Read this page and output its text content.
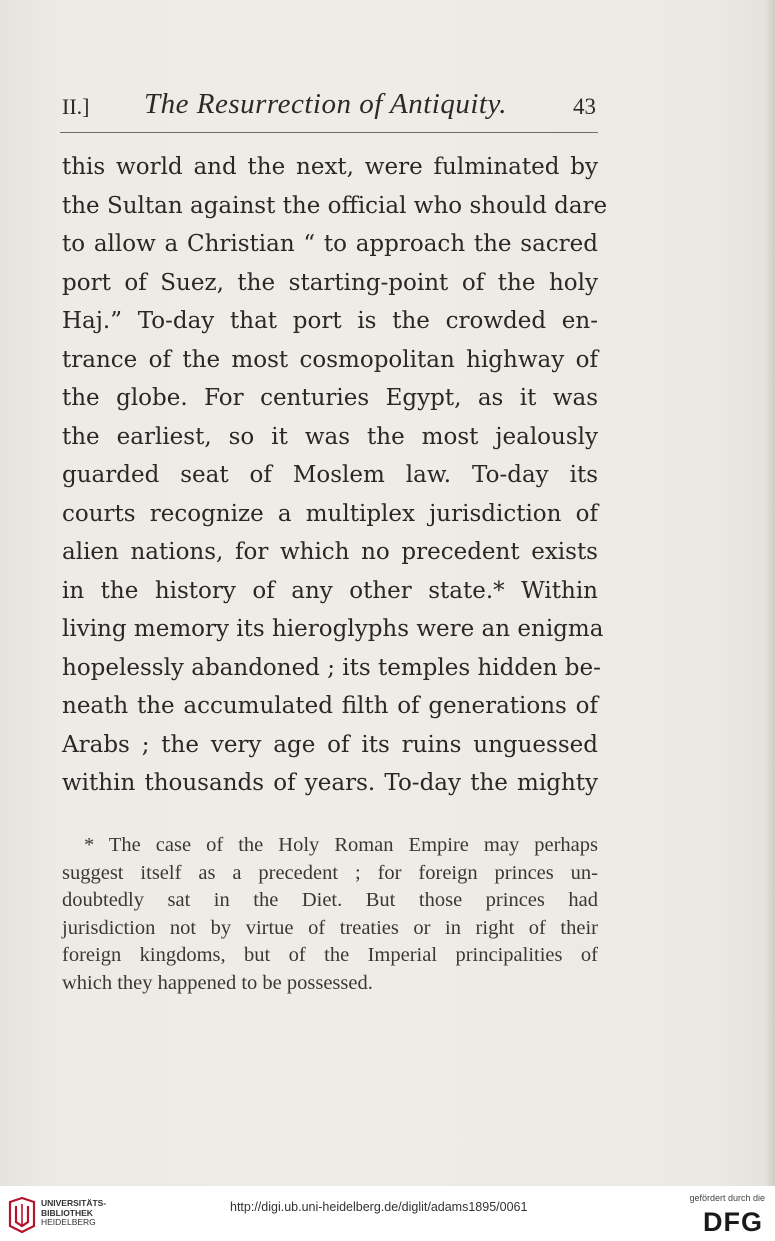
II.] The Resurrection of Antiquity.	43
this world and the next, were fulminated by
the Sultan against the official who should dare
to allow a Christian “ to approach the sacred
port of Suez, the starting-point of the holy
Haj.” To-day that port is the crowded en-
trance of the most cosmopolitan highway of
the globe. For centuries Egypt, as it was
the earliest, so it was the most jealously
guarded seat of Moslem law. To-day its
courts recognize a multiplex jurisdiction of
alien nations, for which no precedent exists
in the history of any other state.* Within
living memory its hieroglyphs were an enigma
hopelessly abandoned ; its temples hidden be-
neath the accumulated filth of generations of
Arabs ; the very age of its ruins unguessed
within thousands of years. To-day the mighty
* The case of the Holy Roman Empire may perhaps
suggest itself as a precedent ; for foreign princes un-
doubtedly sat in the Diet. But those princes had
jurisdiction not by virtue of treaties or in right of their
foreign kingdoms, but of the Imperial principalities of
which they happened to be possessed.
UNIVERSITÄTS-
BIBLIOTHEK
HEIDELBERG
http://digi.ub.uni-heidelberg.de/diglit/adams1895/0061
gefördert durch die
DFG
